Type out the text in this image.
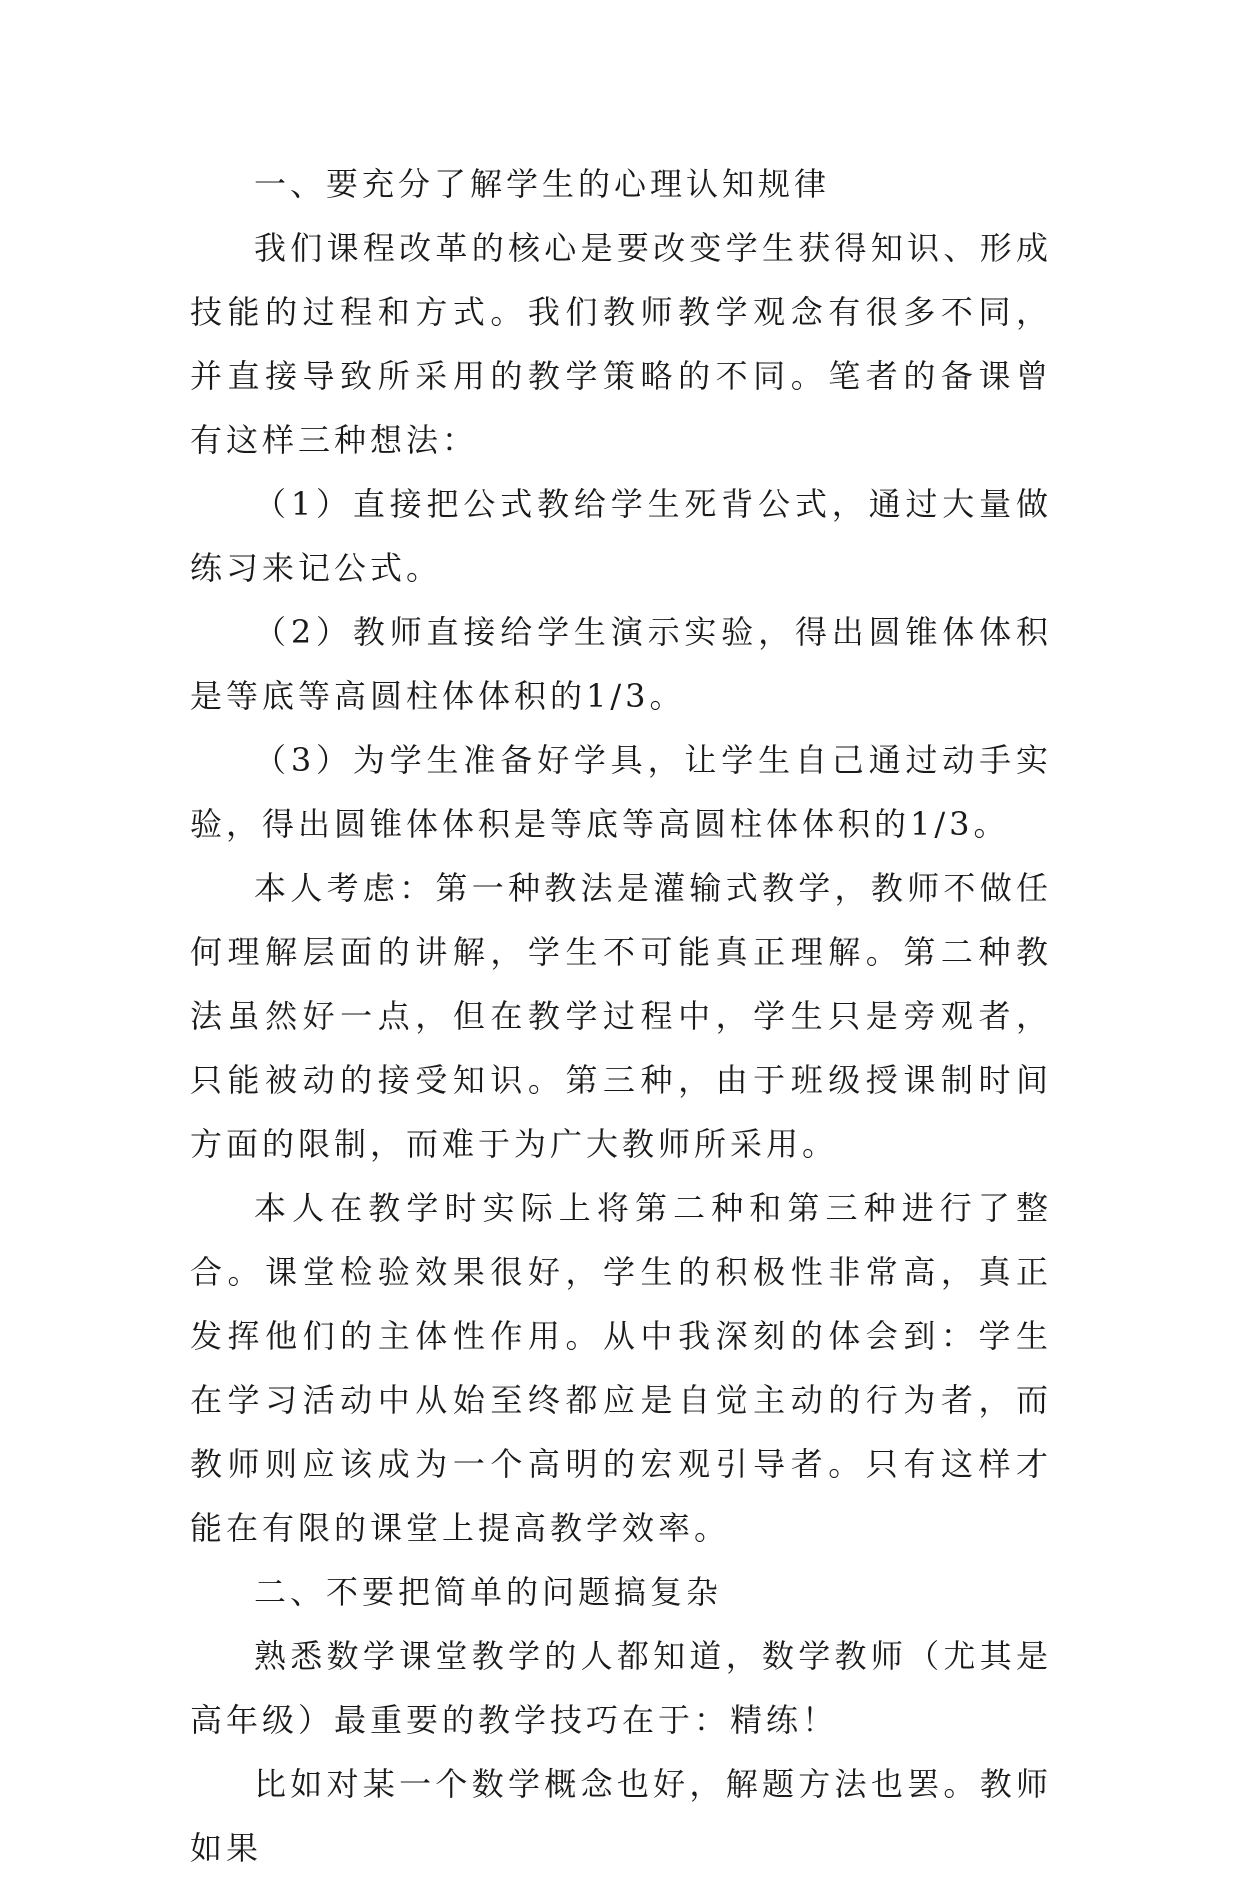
一、要充分了解学生的心理认知规律

我们课程改革的核心是要改变学生获得知识、形成技能的过程和方式。我们教师教学观念有很多不同，并直接导致所采用的教学策略的不同。笔者的备课曾有这样三种想法：

（1）直接把公式教给学生死背公式，通过大量做练习来记公式。

（2）教师直接给学生演示实验，得出圆锥体体积是等底等高圆柱体体积的1/3。

（3）为学生准备好学具，让学生自己通过动手实验，得出圆锥体体积是等底等高圆柱体体积的1/3。

本人考虑：第一种教法是灌输式教学，教师不做任何理解层面的讲解，学生不可能真正理解。第二种教法虽然好一点，但在教学过程中，学生只是旁观者，只能被动的接受知识。第三种，由于班级授课制时间方面的限制，而难于为广大教师所采用。

本人在教学时实际上将第二种和第三种进行了整合。课堂检验效果很好，学生的积极性非常高，真正发挥他们的主体性作用。从中我深刻的体会到：学生在学习活动中从始至终都应是自觉主动的行为者，而教师则应该成为一个高明的宏观引导者。只有这样才能在有限的课堂上提高教学效率。

二、不要把简单的问题搞复杂

熟悉数学课堂教学的人都知道，数学教师（尤其是高年级）最重要的教学技巧在于：精练！

比如对某一个数学概念也好，解题方法也罢。教师如果
